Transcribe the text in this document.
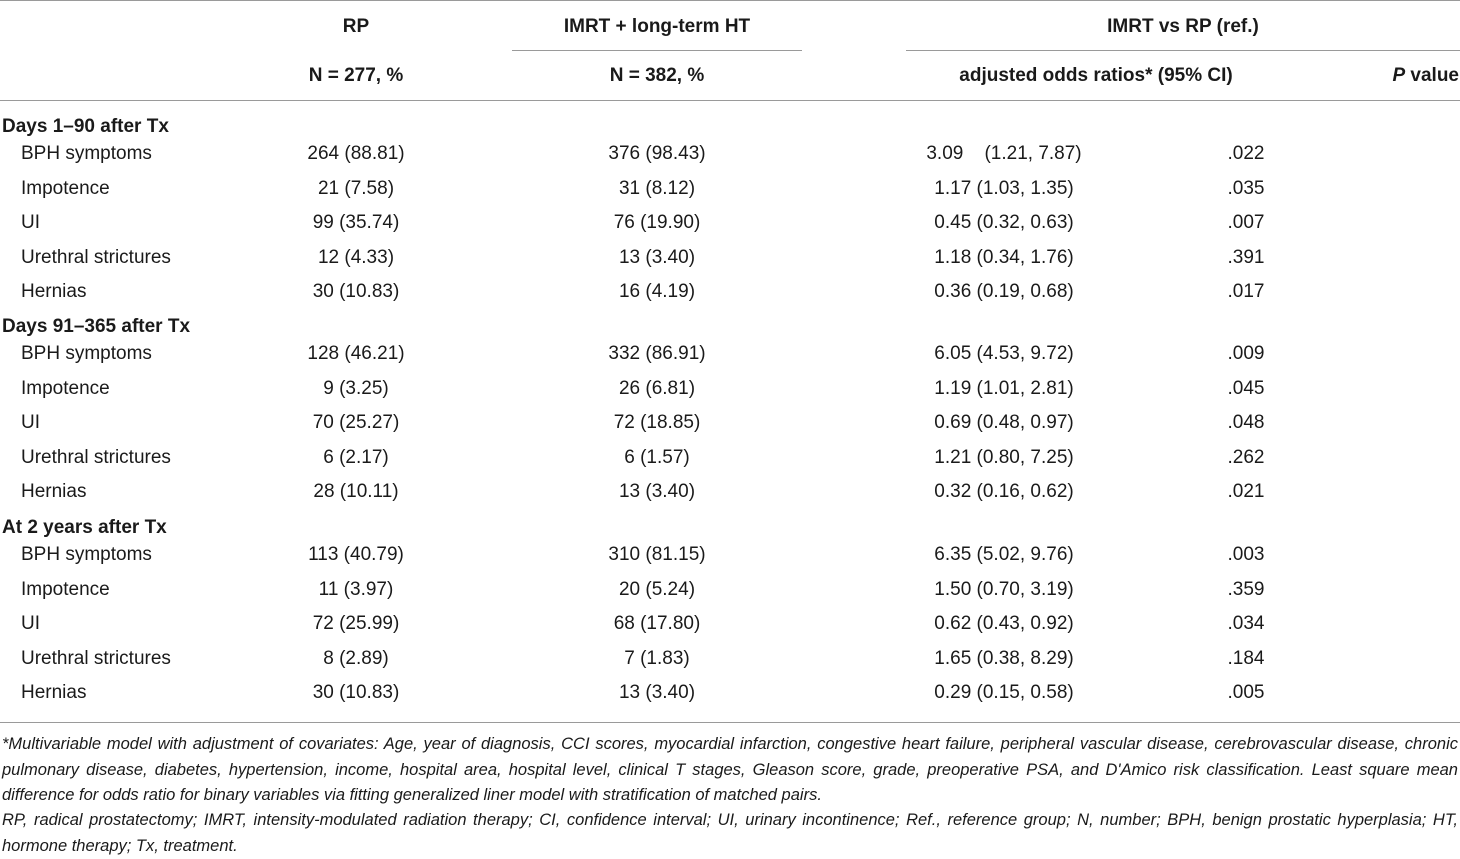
RP	IMRT + long-term HT	IMRT vs RP (ref.)
N = 277, %	N = 382, %	adjusted odds ratios* (95% CI)	P value
Days 1–90 after Tx
BPH symptoms	264 (88.81)	376 (98.43)	3.09    (1.21, 7.87)	.022
Impotence	21 (7.58)	31 (8.12)	1.17 (1.03, 1.35)	.035
UI	99 (35.74)	76 (19.90)	0.45 (0.32, 0.63)	.007
Urethral strictures	12 (4.33)	13 (3.40)	1.18 (0.34, 1.76)	.391
Hernias	30 (10.83)	16 (4.19)	0.36 (0.19, 0.68)	.017
Days 91–365 after Tx
BPH symptoms	128 (46.21)	332 (86.91)	6.05 (4.53, 9.72)	.009
Impotence	9 (3.25)	26 (6.81)	1.19 (1.01, 2.81)	.045
UI	70 (25.27)	72 (18.85)	0.69 (0.48, 0.97)	.048
Urethral strictures	6 (2.17)	6 (1.57)	1.21 (0.80, 7.25)	.262
Hernias	28 (10.11)	13 (3.40)	0.32 (0.16, 0.62)	.021
At 2 years after Tx
BPH symptoms	113 (40.79)	310 (81.15)	6.35 (5.02, 9.76)	.003
Impotence	11 (3.97)	20 (5.24)	1.50 (0.70, 3.19)	.359
UI	72 (25.99)	68 (17.80)	0.62 (0.43, 0.92)	.034
Urethral strictures	8 (2.89)	7 (1.83)	1.65 (0.38, 8.29)	.184
Hernias	30 (10.83)	13 (3.40)	0.29 (0.15, 0.58)	.005
*Multivariable model with adjustment of covariates: Age, year of diagnosis, CCI scores, myocardial infarction, congestive heart failure, peripheral vascular disease, cerebrovascular disease, chronic pulmonary disease, diabetes, hypertension, income, hospital area, hospital level, clinical T stages, Gleason score, grade, preoperative PSA, and D'Amico risk classification. Least square mean difference for odds ratio for binary variables via fitting generalized liner model with stratification of matched pairs.
RP, radical prostatectomy; IMRT, intensity-modulated radiation therapy; CI, confidence interval; UI, urinary incontinence; Ref., reference group; N, number; BPH, benign prostatic hyperplasia; HT, hormone therapy; Tx, treatment.
